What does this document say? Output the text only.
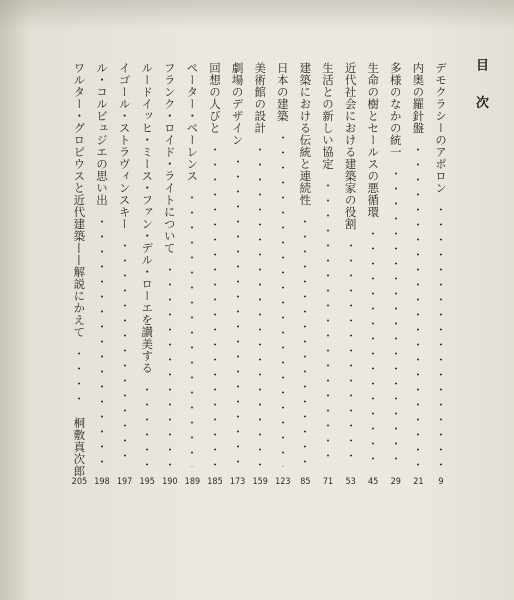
目 次
デモクラシーのアポロン
9
内奥の羅針盤
21
多様のなかの統一
29
生命の樹とセールスの悪循環
45
近代社会における建築家の役割
53
生活との新しい協定
71
建築における伝統と連続性
85
日本の建築
123
美術館の設計
159
劇場のデザイン
173
回想の人びと
185
ペーター・ベーレンス
189
フランク・ロイド・ライトについて
190
ルードイッヒ・ミース・ファン・デル・ローエを讃美する
195
イゴール・ストラヴィンスキー
197
ル・コルビュジエの思い出
198
ワルター・グロピウスと近代建築——解説にかえて
桐敷真次郎
205
